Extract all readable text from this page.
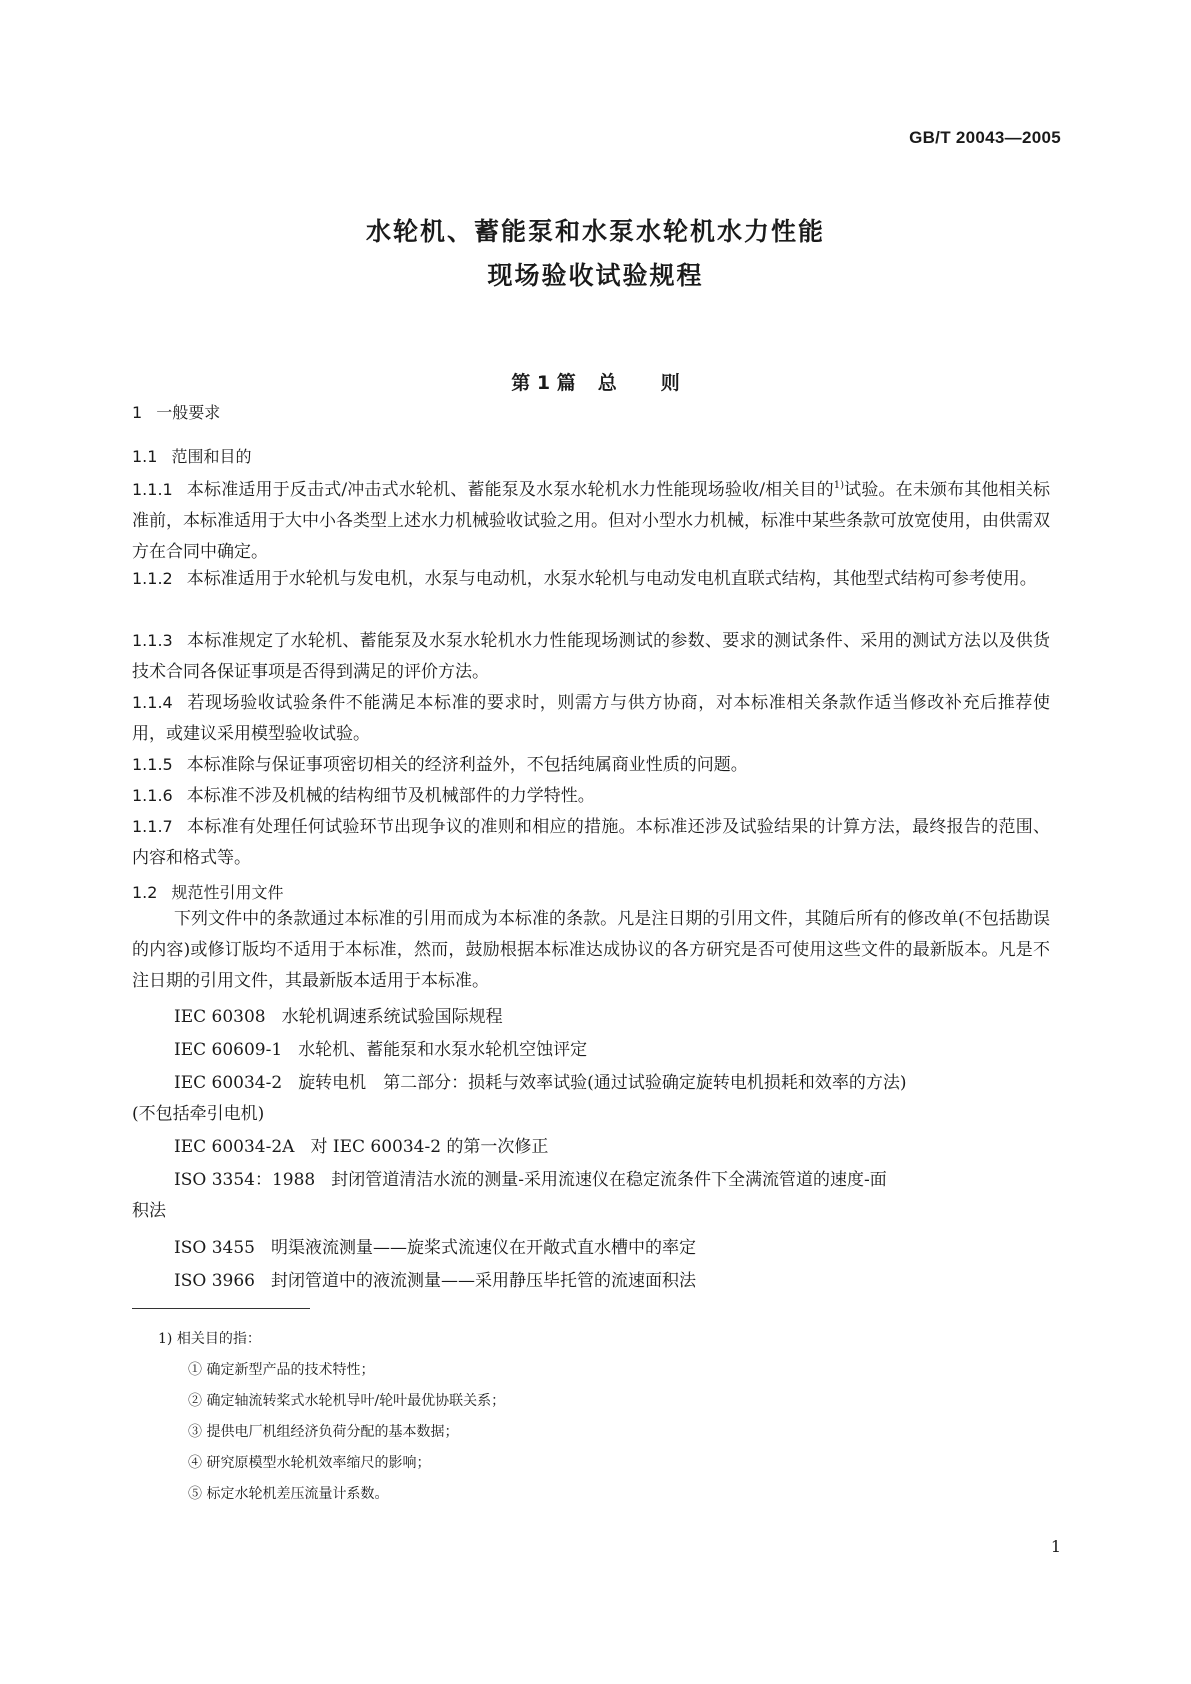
GB/T 20043—2005
水轮机、蓄能泵和水泵水轮机水力性能
现场验收试验规程
第 1 篇 总 则
1 一般要求
1.1 范围和目的
1.1.1 本标准适用于反击式/冲击式水轮机、蓄能泵及水泵水轮机水力性能现场验收/相关目的$^{1)}$试验。在未颁布其他相关标准前，本标准适用于大中小各类型上述水力机械验收试验之用。但对小型水力机械，标准中某些条款可放宽使用，由供需双方在合同中确定。
1.1.2 本标准适用于水轮机与发电机，水泵与电动机，水泵水轮机与电动发电机直联式结构，其他型式结构可参考使用。
1.1.3 本标准规定了水轮机、蓄能泵及水泵水轮机水力性能现场测试的参数、要求的测试条件、采用的测试方法以及供货技术合同各保证事项是否得到满足的评价方法。
1.1.4 若现场验收试验条件不能满足本标准的要求时，则需方与供方协商，对本标准相关条款作适当修改补充后推荐使用，或建议采用模型验收试验。
1.1.5 本标准除与保证事项密切相关的经济利益外，不包括纯属商业性质的问题。
1.1.6 本标准不涉及机械的结构细节及机械部件的力学特性。
1.1.7 本标准有处理任何试验环节出现争议的准则和相应的措施。本标准还涉及试验结果的计算方法，最终报告的范围、内容和格式等。
1.2 规范性引用文件
下列文件中的条款通过本标准的引用而成为本标准的条款。凡是注日期的引用文件，其随后所有的修改单(不包括勘误的内容)或修订版均不适用于本标准，然而，鼓励根据本标准达成协议的各方研究是否可使用这些文件的最新版本。凡是不注日期的引用文件，其最新版本适用于本标准。
IEC 60308 水轮机调速系统试验国际规程
IEC 60609-1 水轮机、蓄能泵和水泵水轮机空蚀评定
IEC 60034-2 旋转电机　第二部分：损耗与效率试验(通过试验确定旋转电机损耗和效率的方法)
(不包括牵引电机)
IEC 60034-2A 对 IEC 60034-2 的第一次修正
ISO 3354：1988 封闭管道清洁水流的测量-采用流速仪在稳定流条件下全满流管道的速度-面
积法
ISO 3455 明渠液流测量——旋桨式流速仪在开敞式直水槽中的率定
ISO 3966 封闭管道中的液流测量——采用静压毕托管的流速面积法
1) 相关目的指：
① 确定新型产品的技术特性；
② 确定轴流转桨式水轮机导叶/轮叶最优协联关系；
③ 提供电厂机组经济负荷分配的基本数据；
④ 研究原模型水轮机效率缩尺的影响；
⑤ 标定水轮机差压流量计系数。
1
